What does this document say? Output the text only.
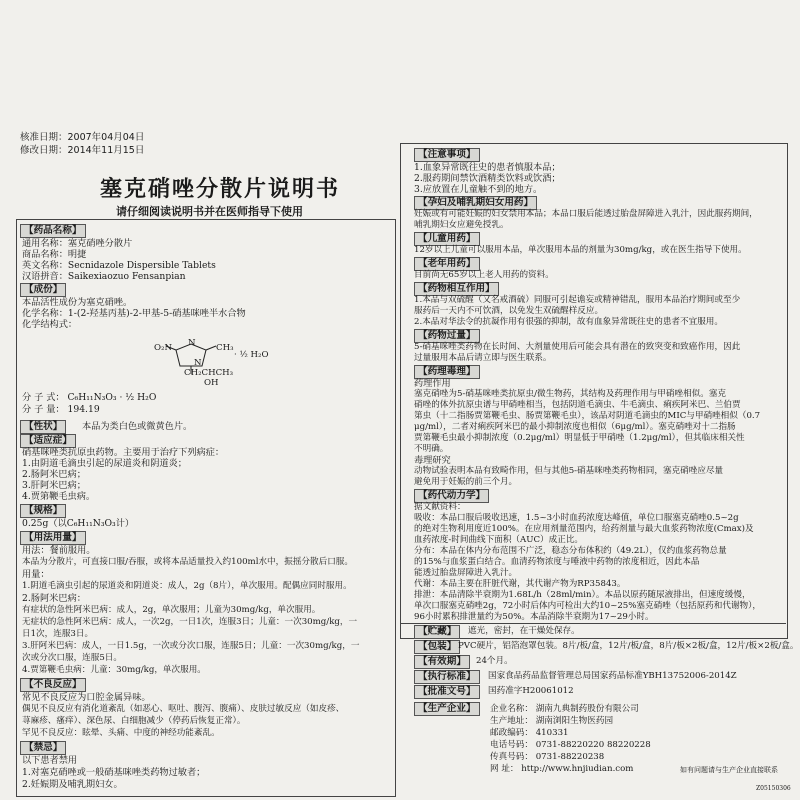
核准日期：2007年04月04日
修改日期：2014年11月15日
塞克硝唑分散片说明书
请仔细阅读说明书并在医师指导下使用
【药品名称】
通用名称：塞克硝唑分散片
商品名称：明捷
英文名称：Secnidazole Dispersible Tablets
汉语拼音：Saikexiaozuo Fensanpian
【成份】
本品活性成份为塞克硝唑。
化学名称：1-(2-羟基丙基)-2-甲基-5-硝基咪唑半水合物
化学结构式：
O₂N	CH₃
N
N
CH₂CHCH₃
OH
· ½ H₂O
分 子 式： C₆H₁₁N₃O₃ · ½ H₂O
分 子 量： 194.19
【性状】	本品为类白色或微黄色片。
【适应症】
硝基咪唑类抗原虫药物。主要用于治疗下列病症：
1.由阴道毛滴虫引起的尿道炎和阴道炎；
2.肠阿米巴病；
3.肝阿米巴病；
4.贾第鞭毛虫病。
【规格】
0.25g（以C₆H₁₁N₃O₃计）
【用法用量】
用法：餐前服用。
本品为分散片，可直接口服/吞服，或将本品适量投入约100ml水中，振摇分散后口服。
用量：
1.阴道毛滴虫引起的尿道炎和阴道炎：成人，2g（8片），单次服用。配偶应同时服用。
2.肠阿米巴病：
有症状的急性阿米巴病：成人，2g，单次服用；儿童为30mg/kg，单次服用。
无症状的急性阿米巴病：成人，一次2g，一日1次，连服3日；儿童：一次30mg/kg，一
日1次，连服3日。
3.肝阿米巴病：成人，一日1.5g，一次或分次口服，连服5日；儿童：一次30mg/kg，一
次或分次口服，连服5日。
4.贾第鞭毛虫病：儿童：30mg/kg，单次服用。
【不良反应】
常见不良反应为口腔金属异味。
偶见不良反应有消化道紊乱（如恶心、呕吐、腹泻、腹痛）、皮肤过敏反应（如皮疹、
荨麻疹、瘙痒）、深色尿、白细胞减少（停药后恢复正常）。
罕见不良反应：眩晕、头痛、中度的神经功能紊乱。
【禁忌】
以下患者禁用
1.对塞克硝唑或一般硝基咪唑类药物过敏者；
2.妊娠期及哺乳期妇女。
【注意事项】
1.血象异常既往史的患者慎服本品；
2.服药期间禁饮酒精类饮料或饮酒；
3.应放置在儿童触不到的地方。
【孕妇及哺乳期妇女用药】
妊娠或有可能妊娠的妇女禁用本品；本品口服后能透过胎盘屏障进入乳汁，因此服药期间，
哺乳期妇女应避免授乳。
【儿童用药】
12岁以上儿童可以服用本品，单次服用本品的剂量为30mg/kg，或在医生指导下使用。
【老年用药】
目前尚无65岁以上老人用药的资料。
【药物相互作用】
1.本品与双硫醒（又名戒酒硫）同服可引起谵妄或精神错乱，服用本品治疗期间或至少
服药后一天内不可饮酒，以免发生双硫醒样反应。
2.本品对华法令的抗凝作用有很强的抑制，故有血象异常既往史的患者不宜服用。
【药物过量】
5-硝基咪唑类药物在长时间、大剂量使用后可能会具有潜在的致突变和致癌作用，因此
过量服用本品后请立即与医生联系。
【药理毒理】
药理作用
塞克硝唑为5-硝基咪唑类抗原虫/微生物药，其结构及药理作用与甲硝唑相似。塞克
硝唑的体外抗原虫谱与甲硝唑相当，包括阴道毛滴虫、牛毛滴虫、痢疾阿米巴、兰伯贾
第虫（十二指肠贾第鞭毛虫、肠贾第鞭毛虫），该品对阴道毛滴虫的MIC与甲硝唑相似（0.7
μg/ml），二者对痢疾阿米巴的最小抑制浓度也相似（6μg/ml）。塞克硝唑对十二指肠
贾第鞭毛虫最小抑制浓度（0.2μg/ml）明显低于甲硝唑（1.2μg/ml），但其临床相关性
不明确。
毒理研究
动物试验表明本品有致畸作用，但与其他5-硝基咪唑类药物相同，塞克硝唑应尽量
避免用于妊娠的前三个月。
【药代动力学】
据文献资料：
吸收：本品口服后吸收迅速，1.5~3小时血药浓度达峰值，单位口服塞克硝唑0.5~2g
的绝对生物利用度近100%。在应用剂量范围内，给药剂量与最大血浆药物浓度(Cmax)及
血药浓度-时间曲线下面积（AUC）成正比。
分布：本品在体内分布范围不广泛，稳态分布体积约（49.2L），仅约血浆药物总量
的15%与血浆蛋白结合。血清药物浓度与唾液中药物的浓度相近，因此本品
能透过胎盘屏障进入乳汁。
代谢：本品主要在肝脏代谢，其代谢产物为RP35843。
排泄：本品清除半衰期为1.68L/h（28ml/min）。本品以原药随尿液排出，但速度缓慢，
单次口服塞克硝唑2g，72小时后体内可检出大约10~25%塞克硝唑（包括原药和代谢物），
96小时累积排泄量约为50%。本品消除半衰期为17~29小时。
【贮藏】	遮光，密封，在干燥处保存。
【包装】 PVC硬片，铝箔泡罩包装。8片/板/盒，12片/板/盒，8片/板×2板/盒，12片/板×2板/盒。
【有效期】	24个月。
【执行标准】	国家食品药品监督管理总局国家药品标准YBH13752006-2014Z
【批准文号】	国药准字H20061012
【生产企业】	企业名称： 湖南九典制药股份有限公司
生产地址： 湖南浏阳生物医药园
邮政编码： 410331
电话号码： 0731-88220220 88220228
传真号码： 0731-88220238
网 址： http://www.hnjiudian.com	如有问题请与生产企业直接联系
Z05150306
